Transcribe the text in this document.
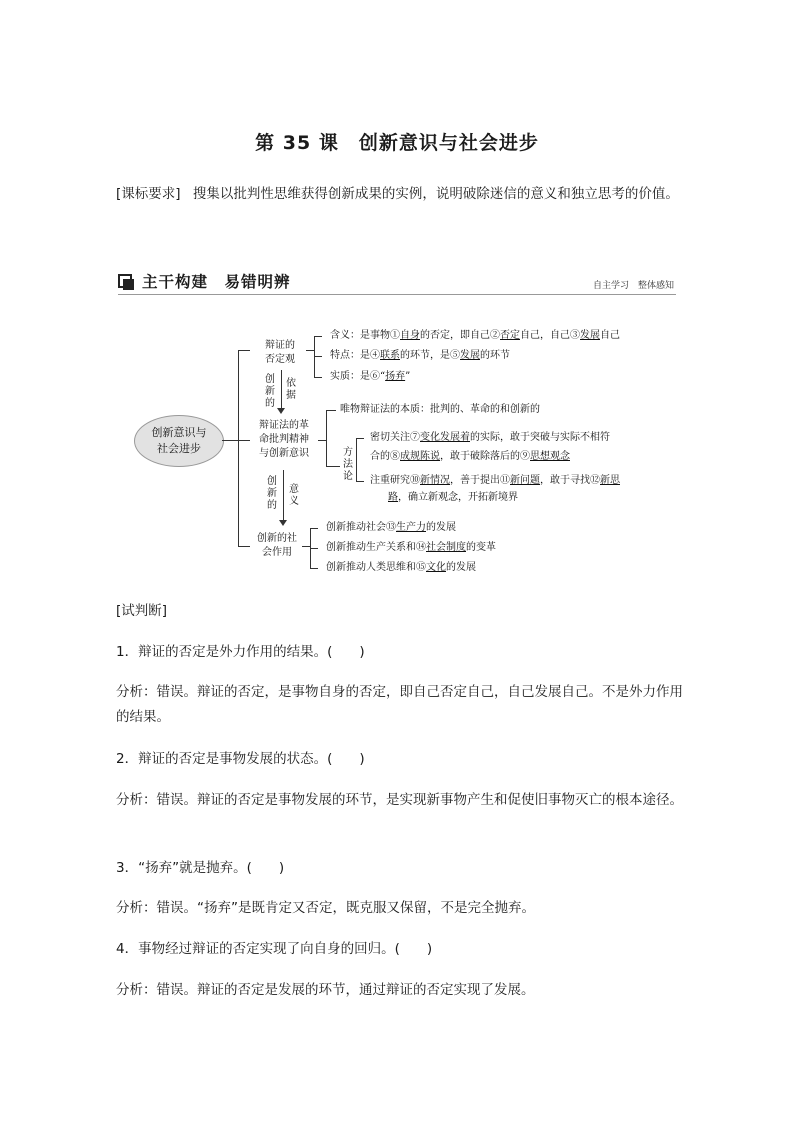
第 35 课　创新意识与社会进步
[课标要求] 搜集以批判性思维获得创新成果的实例，说明破除迷信的意义和独立思考的价值。
主干构建　易错明辨	自主学习　整体感知
创新意识与
社会进步
辩证的
否定观
辩证法的革
命批判精神
与创新意识
创新的社
会作用
创
新
的
依
据
创
新
的
意
义
含义：是事物①自身的否定，即自己②否定自己，自己③发展自己
特点：是④联系的环节，是⑤发展的环节
实质：是⑥“扬弃”
唯物辩证法的本质：批判的、革命的和创新的
方
法
论
密切关注⑦变化发展着的实际，敢于突破与实际不相符
合的⑧成规陈说，敢于破除落后的⑨思想观念
注重研究⑩新情况，善于提出⑪新问题，敢于寻找⑫新思
路，确立新观念，开拓新境界
创新推动社会⑬生产力的发展
创新推动生产关系和⑭社会制度的变革
创新推动人类思维和⑮文化的发展
[试判断]
1．辩证的否定是外力作用的结果。(　　)
分析：错误。辩证的否定，是事物自身的否定，即自己否定自己，自己发展自己。不是外力作用的结果。
2．辩证的否定是事物发展的状态。(　　)
分析：错误。辩证的否定是事物发展的环节，是实现新事物产生和促使旧事物灭亡的根本途径。
3．“扬弃”就是抛弃。(　　)
分析：错误。“扬弃”是既肯定又否定，既克服又保留，不是完全抛弃。
4．事物经过辩证的否定实现了向自身的回归。(　　)
分析：错误。辩证的否定是发展的环节，通过辩证的否定实现了发展。
